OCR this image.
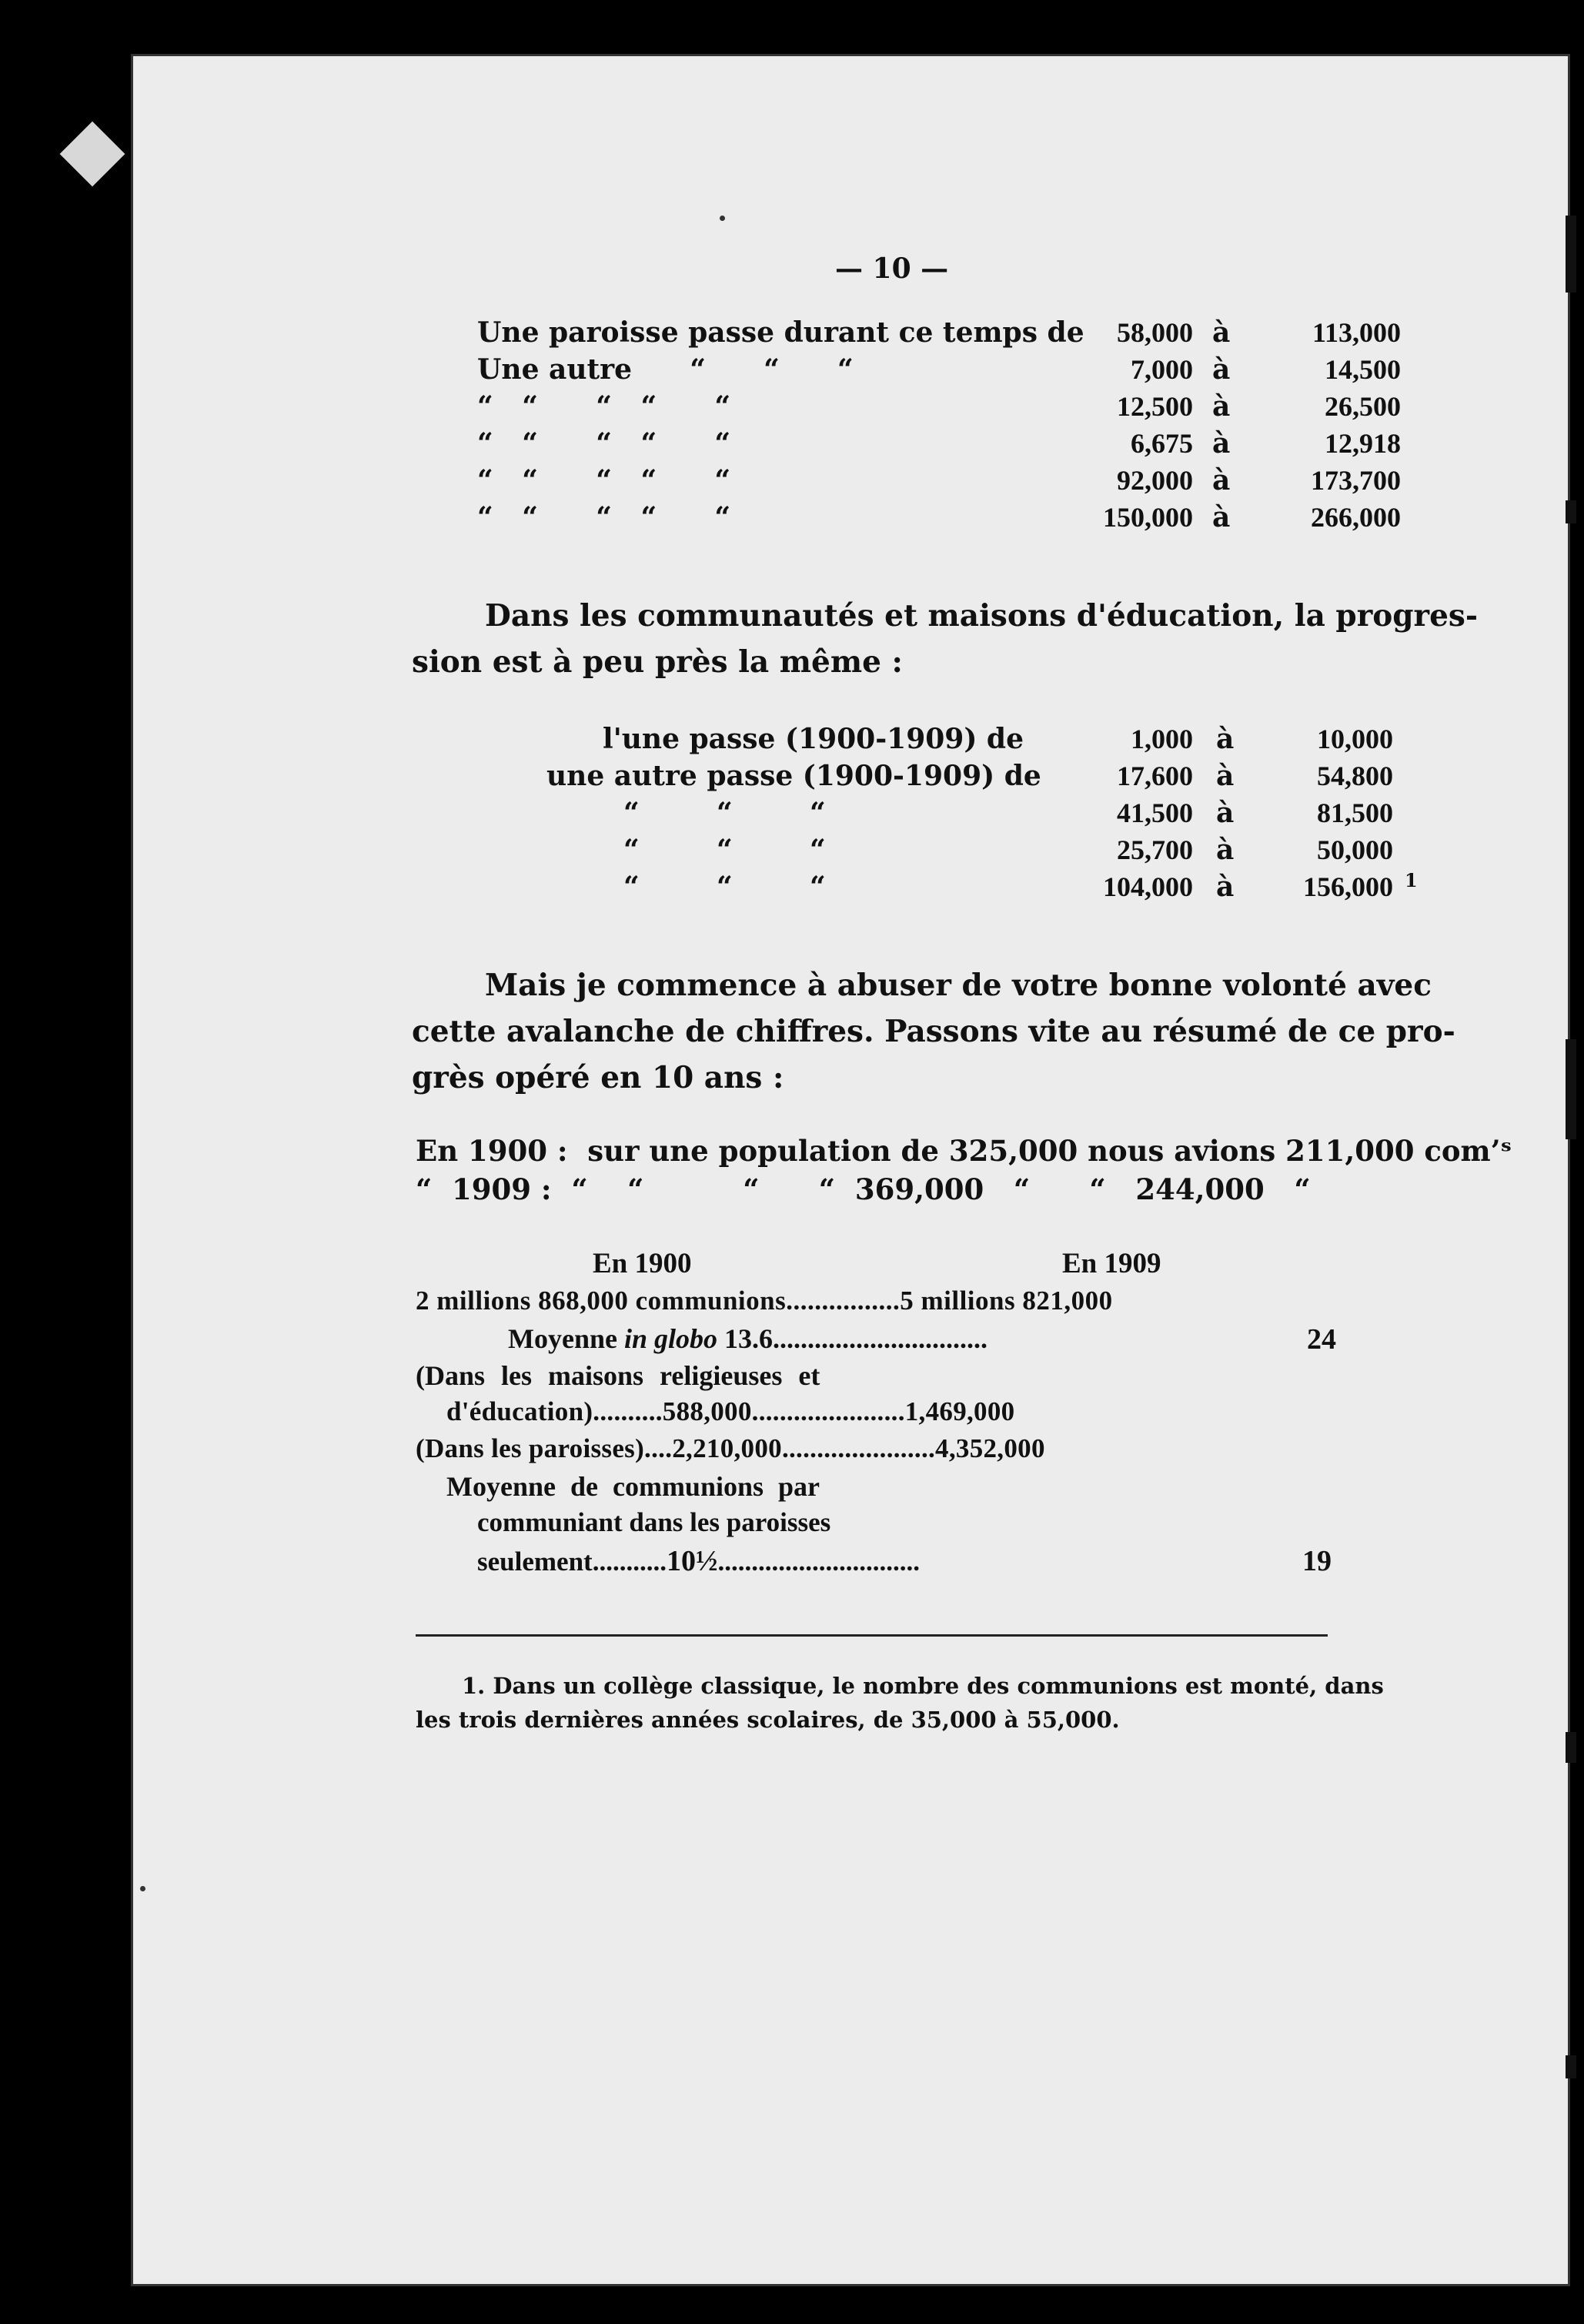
— 10 —
Une paroisse passe durant ce temps de	58,000 à	113,000
Une autre      “      “      “	7,000 à	14,500
“   “      “   “      “	12,500 à	26,500
“   “      “   “      “	6,675 à	12,918
“   “      “   “      “	92,000 à	173,700
“   “      “   “      “	150,000 à	266,000
Dans les communautés et maisons d'éducation, la progres-
sion est à peu près la même :
l'une passe (1900-1909) de	1,000 à	10,000
une autre passe (1900-1909) de	17,600 à	54,800
“        “        “	41,500 à	81,500
“        “        “	25,700 à	50,000
“        “        “	104,000 à	156,000 1
Mais je commence à abuser de votre bonne volonté avec
cette avalanche de chiffres. Passons vite au résumé de ce pro-
grès opéré en 10 ans :
En 1900 :  sur une population de 325,000 nous avions 211,000 com’ˢ
“  1909 :  “    “          “      “  369,000   “      “   244,000   “
En 1900	En 1909
2 millions 868,000 communions................5 millions 821,000
Moyenne in globo 13.6...............................	24
(Dans les maisons religieuses et
d'éducation)..........588,000......................1,469,000
(Dans les paroisses)....2,210,000......................4,352,000
Moyenne de communions par
communiant dans les paroisses
seulement...........10½..............................	19
1. Dans un collège classique, le nombre des communions est monté, dans
les trois dernières années scolaires, de 35,000 à 55,000.
